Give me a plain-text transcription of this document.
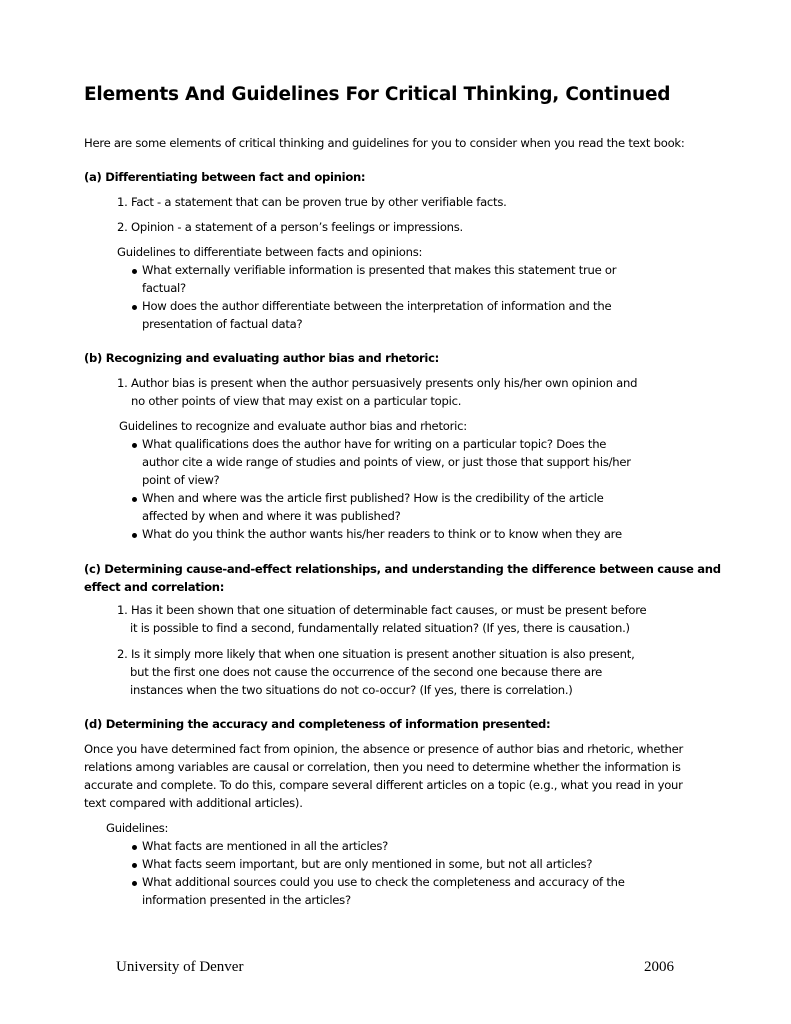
Elements And Guidelines For Critical Thinking, Continued

Here are some elements of critical thinking and guidelines for you to consider when you read the text book:

(a) Differentiating between fact and opinion:

1. Fact - a statement that can be proven true by other verifiable facts.

2. Opinion - a statement of a person’s feelings or impressions.

Guidelines to differentiate between facts and opinions:

What externally verifiable information is presented that makes this statement true or

factual?

How does the author differentiate between the interpretation of information and the

presentation of factual data?

(b) Recognizing and evaluating author bias and rhetoric:

1. Author bias is present when the author persuasively presents only his/her own opinion and

no other points of view that may exist on a particular topic.

Guidelines to recognize and evaluate author bias and rhetoric:

What qualifications does the author have for writing on a particular topic? Does the

author cite a wide range of studies and points of view, or just those that support his/her

point of view?

When and where was the article first published? How is the credibility of the article

affected by when and where it was published?

What do you think the author wants his/her readers to think or to know when they are

(c) Determining cause-and-effect relationships, and understanding the difference between cause and

effect and correlation:

1. Has it been shown that one situation of determinable fact causes, or must be present before

it is possible to find a second, fundamentally related situation? (If yes, there is causation.)

2. Is it simply more likely that when one situation is present another situation is also present,

but the first one does not cause the occurrence of the second one because there are

instances when the two situations do not co-occur? (If yes, there is correlation.)

(d) Determining the accuracy and completeness of information presented:

Once you have determined fact from opinion, the absence or presence of author bias and rhetoric, whether

relations among variables are causal or correlation, then you need to determine whether the information is

accurate and complete. To do this, compare several different articles on a topic (e.g., what you read in your

text compared with additional articles).

Guidelines:

What facts are mentioned in all the articles?

What facts seem important, but are only mentioned in some, but not all articles?

What additional sources could you use to check the completeness and accuracy of the

information presented in the articles?

University of Denver	2006
